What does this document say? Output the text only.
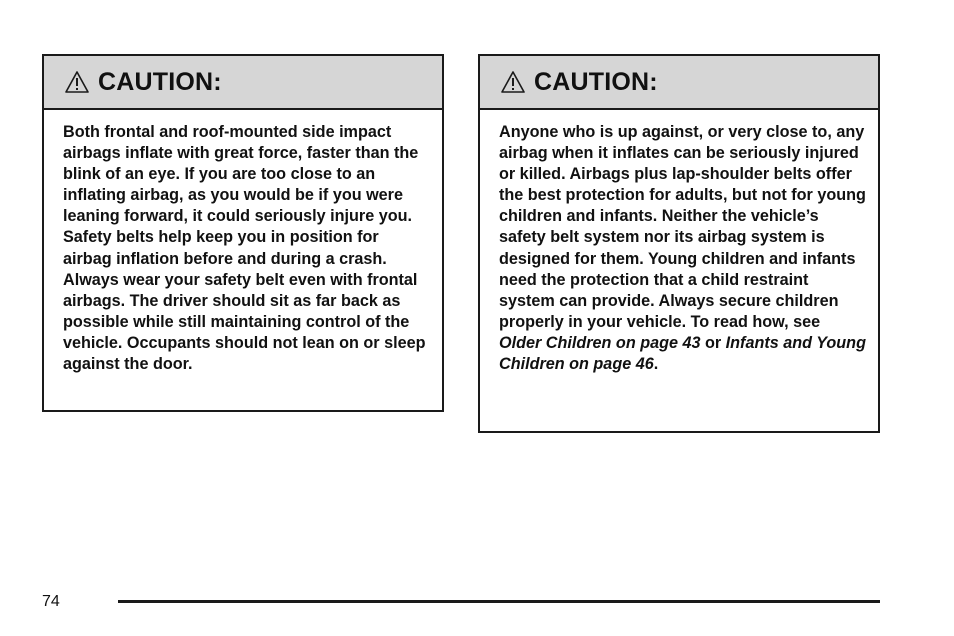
CAUTION:

Both frontal and roof-mounted side impact airbags inflate with great force, faster than the blink of an eye. If you are too close to an inflating airbag, as you would be if you were leaning forward, it could seriously injure you. Safety belts help keep you in position for airbag inflation before and during a crash. Always wear your safety belt even with frontal airbags. The driver should sit as far back as possible while still maintaining control of the vehicle. Occupants should not lean on or sleep against the door.

CAUTION:

Anyone who is up against, or very close to, any airbag when it inflates can be seriously injured or killed. Airbags plus lap-shoulder belts offer the best protection for adults, but not for young children and infants. Neither the vehicle’s safety belt system nor its airbag system is designed for them. Young children and infants need the protection that a child restraint system can provide. Always secure children properly in your vehicle. To read how, see Older Children on page 43 or Infants and Young Children on page 46.

74
